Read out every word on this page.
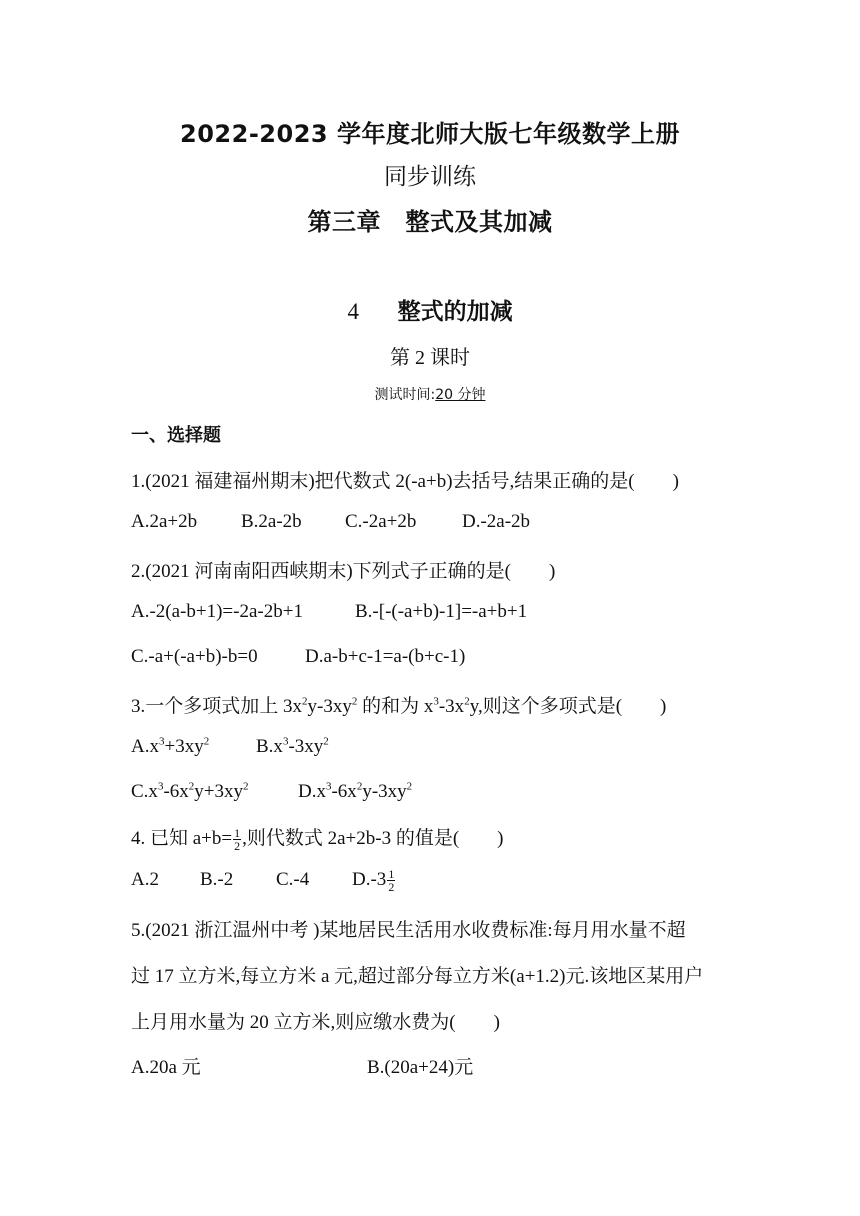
2022-2023 学年度北师大版七年级数学上册
同步训练
第三章　整式及其加减
4 整式的加减
第 2 课时
测试时间:20 分钟
一、选择题
1.(2021 福建福州期末)把代数式 2(-a+b)去括号,结果正确的是(　　)
A.2a+2b B.2a-2b C.-2a+2b D.-2a-2b
2.(2021 河南南阳西峡期末)下列式子正确的是(　　)
A.-2(a-b+1)=-2a-2b+1	B.-[-(-a+b)-1]=-a+b+1
C.-a+(-a+b)-b=0 D.a-b+c-1=a-(b+c-1)
3.一个多项式加上 $3x^2y-3xy^2$ 的和为 $x^3-3x^2y$,则这个多项式是(　　)
$A.x^3+3xy^2$ $B.x^3-3xy^2$
$C.x^3-6x^2y+3xy^2$	$D.x^3-6x^2y-3xy^2$
4. 已知 $a+b= \frac{1}{2}$ ,则代数式 2a+2b-3 的值是(　　)
A.2 B.-2 C.-4 $D.-3 \frac{1}{2}$
5.(2021 浙江温州中考 )某地居民生活用水收费标准:每月用水量不超
过 17 立方米,每立方米 a 元,超过部分每立方米(a+1.2)元.该地区某用户
上月用水量为 20 立方米,则应缴水费为(　　)
A.20a 元	B.(20a+24)元
